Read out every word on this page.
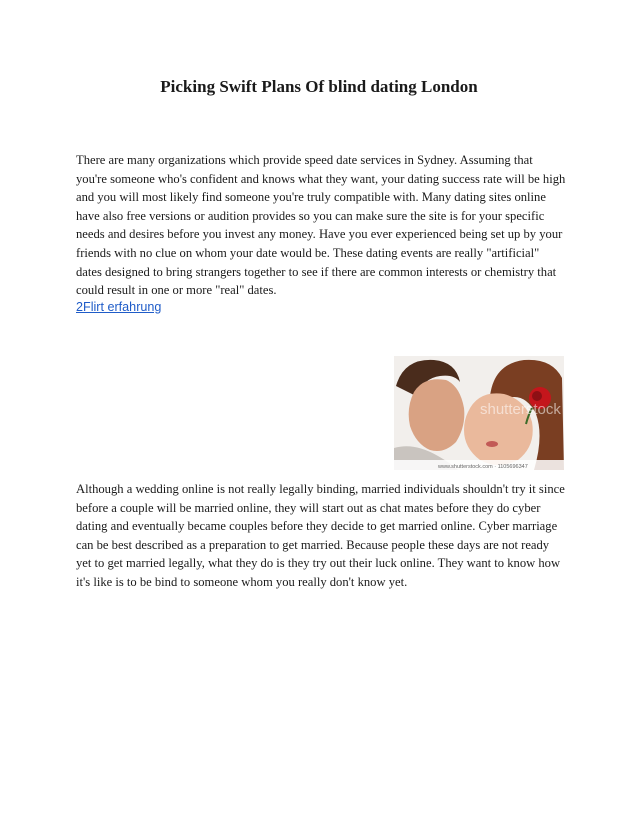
Picking Swift Plans Of blind dating London

There are many organizations which provide speed date services in Sydney. Assuming that you're someone who's confident and knows what they want, your dating success rate will be high and you will most likely find someone you're truly compatible with. Many dating sites online have also free versions or audition provides so you can make sure the site is for your specific needs and desires before you invest any money. Have you ever experienced being set up by your friends with no clue on whom your date would be. These dating events are really "artificial" dates designed to bring strangers together to see if there are common interests or chemistry that could result in one or more "real" dates.

2Flirt erfahrung
shutterstock
www.shutterstock.com · 1105696347

Although a wedding online is not really legally binding, married individuals shouldn't try it since before a couple will be married online, they will start out as chat mates before they do cyber dating and eventually became couples before they decide to get married online. Cyber marriage can be best described as a preparation to get married. Because people these days are not ready yet to get married legally, what they do is they try out their luck online. They want to know how it's like is to be bind to someone whom you really don't know yet.
